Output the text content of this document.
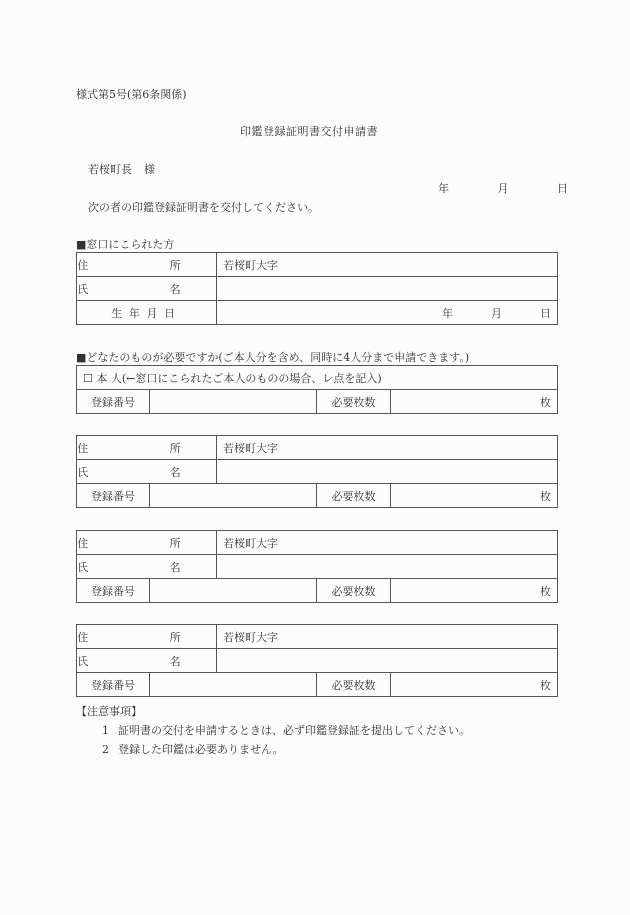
様式第5号(第6条関係)
印鑑登録証明書交付申請書
若桜町長 様
年	月	日
次の者の印鑑登録証明書を交付してください。
■窓口にこられた方
住　所	若桜町大字
氏　名	
生年月日	年 月 日
■どなたのものが必要ですか(ご本人分を含め、同時に4人分まで申請できます。)
☐ 本 人(←窓口にこられたご本人のものの場合、レ点を記入)
登録番号		必要枚数	枚
住　所		若桜町大字		
氏　名				
登録番号			必要枚数	枚
住　所		若桜町大字		
氏　名				
登録番号			必要枚数	枚
住　所		若桜町大字		
氏　名				
登録番号			必要枚数	枚
【注意事項】
1 証明書の交付を申請するときは、必ず印鑑登録証を提出してください。
2 登録した印鑑は必要ありません。
